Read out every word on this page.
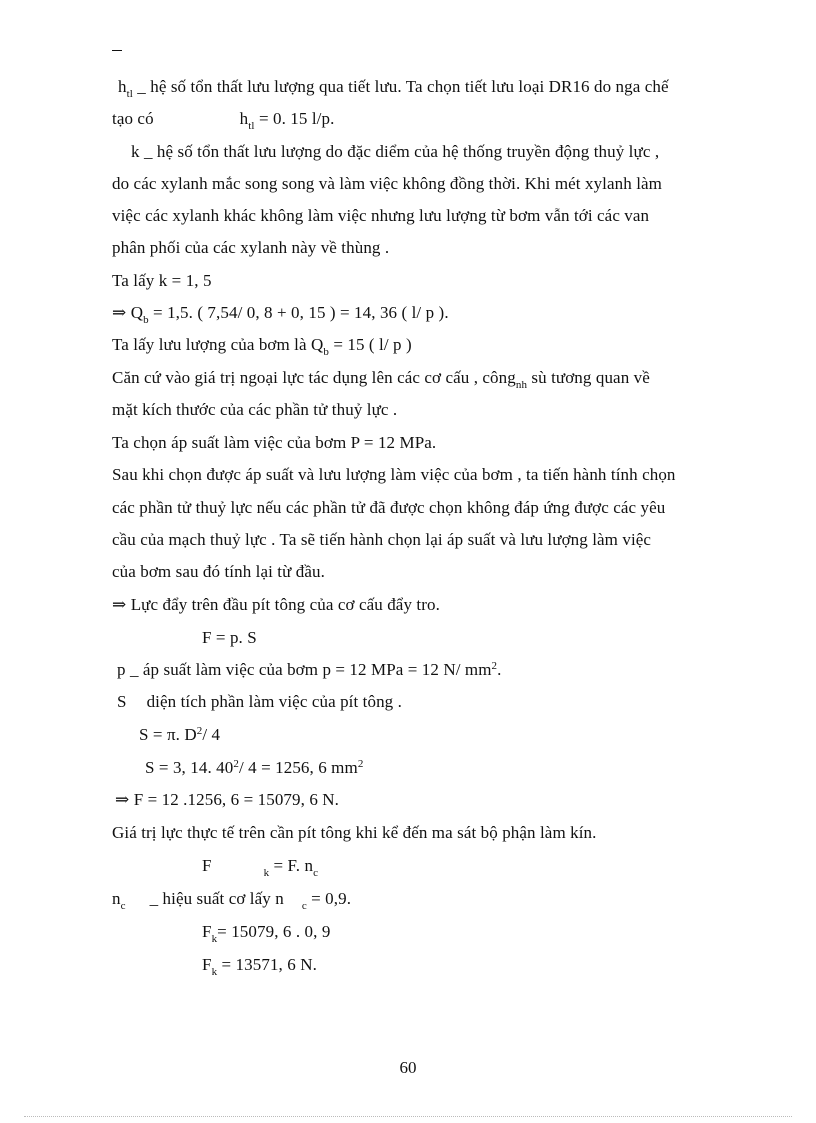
$h_{tl}$ _ hệ số tổn thất lưu lượng qua tiết lưu. Ta chọn tiết lưu loại DR16 do nga chế
tạo có	$h_{tl} = 0$. 15 l/p.
k _ hệ số tổn thất lưu lượng do đặc diểm của hệ thống truyền động thuỷ lực ,
do các xylanh mắc song song và làm việc không đồng thời. Khi mét xylanh làm
việc các xylanh khác không làm việc nhưng lưu lượng từ bơm vẫn tới các van
phân phối của các xylanh này về thùng .
Ta lấy k = 1, 5
⇒ $Q_b = 1,5$. ( 7,54/ 0, 8 + 0, 15 ) = 14, 36 ( l/ p ).
Ta lấy lưu lượng của bơm là $Q_b = 15$ ( l/ p )
Căn cứ vào giá trị ngoại lực tác dụng lên các cơ cấu , công$_{nh}$ sù tương quan về
mặt kích thước của các phần tử thuỷ lực .
Ta chọn áp suất làm việc của bơm P = 12 MPa.
Sau khi chọn được áp suất và lưu lượng làm việc của bơm , ta tiến hành tính chọn
các phần tử thuỷ lực nếu các phần tử đã được chọn không đáp ứng được các yêu
cầu của mạch thuỷ lực . Ta sẽ tiến hành chọn lại áp suất và lưu lượng làm việc
của bơm sau đó tính lại từ đầu.
⇒ Lực đẩy trên đầu pít tông của cơ cấu đẩy tro.
F = p. S
p _ áp suất làm việc của bơm p = 12 MPa = 12 N/ $mm^2$.
S diện tích phần làm việc của pít tông .
S = π. $D^2/$ 4
S = 3, 14. $40^2/$ 4 = 1256, 6 $mm^2$
⇒ F = 12 .1256, 6 = 15079, 6 N.
Giá trị lực thực tế trên cần pít tông khi kể đến ma sát bộ phận làm kín.
F	$_k$ = F. $n_c$
$n_c$ _ hiệu suất cơ lấy n $_c$ = 0,9.
$F_k= 15079$, 6 . 0, 9
$F_k = 13571$, 6 N.
60
